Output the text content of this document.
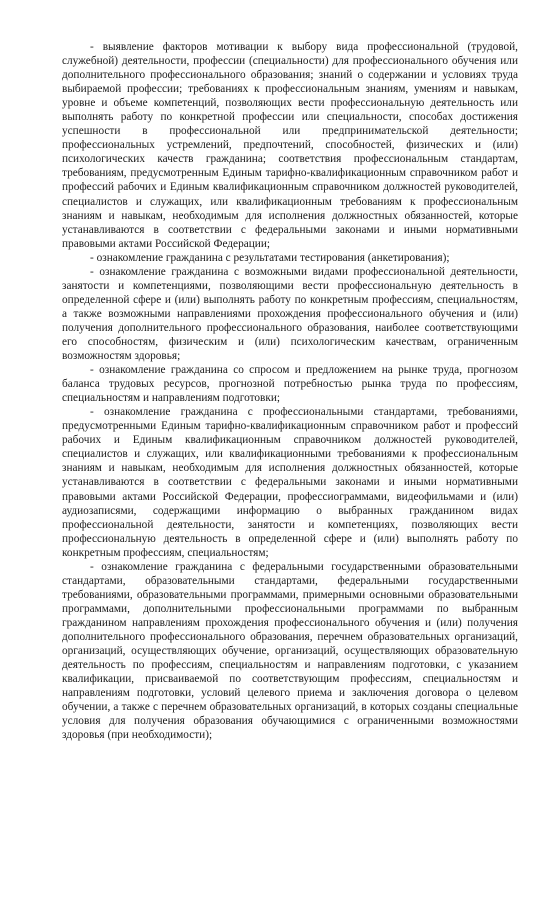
- выявление факторов мотивации к выбору вида профессиональной (трудовой, служебной) деятельности, профессии (специальности) для профессионального обучения или дополнительного профессионального образования; знаний о содержании и условиях труда выбираемой профессии; требованиях к профессиональным знаниям, умениям и навыкам, уровне и объеме компетенций, позволяющих вести профессиональную деятельность или выполнять работу по конкретной профессии или специальности, способах достижения успешности в профессиональной или предпринимательской деятельности; профессиональных устремлений, предпочтений, способностей, физических и (или) психологических качеств гражданина; соответствия профессиональным стандартам, требованиям, предусмотренным Единым тарифно-квалификационным справочником работ и профессий рабочих и Единым квалификационным справочником должностей руководителей, специалистов и служащих, или квалификационным требованиям к профессиональным знаниям и навыкам, необходимым для исполнения должностных обязанностей, которые устанавливаются в соответствии с федеральными законами и иными нормативными правовыми актами Российской Федерации;

- ознакомление гражданина с результатами тестирования (анкетирования);

- ознакомление гражданина с возможными видами профессиональной деятельности, занятости и компетенциями, позволяющими вести профессиональную деятельность в определенной сфере и (или) выполнять работу по конкретным профессиям, специальностям, а также возможными направлениями прохождения профессионального обучения и (или) получения дополнительного профессионального образования, наиболее соответствующими его способностям, физическим и (или) психологическим качествам, ограниченным возможностям здоровья;

- ознакомление гражданина со спросом и предложением на рынке труда, прогнозом баланса трудовых ресурсов, прогнозной потребностью рынка труда по профессиям, специальностям и направлениям подготовки;

- ознакомление гражданина с профессиональными стандартами, требованиями, предусмотренными Единым тарифно-квалификационным справочником работ и профессий рабочих и Единым квалификационным справочником должностей руководителей, специалистов и служащих, или квалификационными требованиями к профессиональным знаниям и навыкам, необходимым для исполнения должностных обязанностей, которые устанавливаются в соответствии с федеральными законами и иными нормативными правовыми актами Российской Федерации, профессиограммами, видеофильмами и (или) аудиозаписями, содержащими информацию о выбранных гражданином видах профессиональной деятельности, занятости и компетенциях, позволяющих вести профессиональную деятельность в определенной сфере и (или) выполнять работу по конкретным профессиям, специальностям;

- ознакомление гражданина с федеральными государственными образовательными стандартами, образовательными стандартами, федеральными государственными требованиями, образовательными программами, примерными основными образовательными программами, дополнительными профессиональными программами по выбранным гражданином направлениям прохождения профессионального обучения и (или) получения дополнительного профессионального образования, перечнем образовательных организаций, организаций, осуществляющих обучение, организаций, осуществляющих образовательную деятельность по профессиям, специальностям и направлениям подготовки, с указанием квалификации, присваиваемой по соответствующим профессиям, специальностям и направлениям подготовки, условий целевого приема и заключения договора о целевом обучении, а также с перечнем образовательных организаций, в которых созданы специальные условия для получения образования обучающимися с ограниченными возможностями здоровья (при необходимости);
